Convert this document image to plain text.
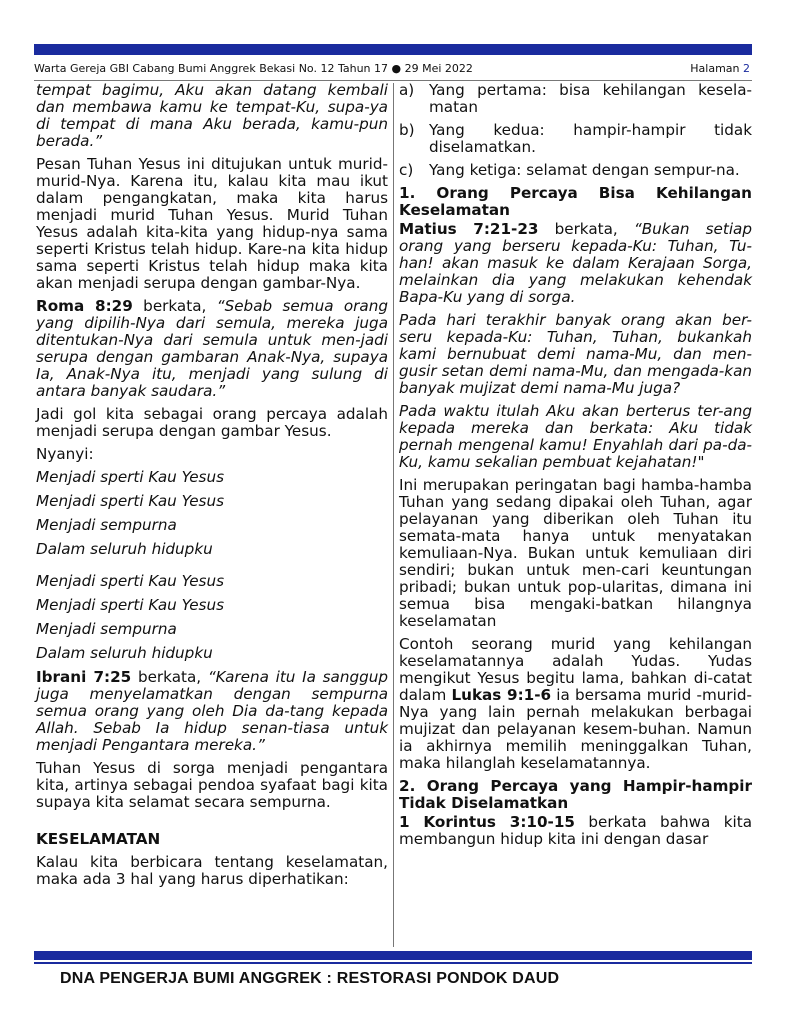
Warta Gereja GBI Cabang Bumi Anggrek Bekasi No. 12 Tahun 17 ● 29 Mei 2022	Halaman 2

tempat bagimu, Aku akan datang kembali dan membawa kamu ke tempat-Ku, supa-ya di tempat di mana Aku berada, kamu-pun berada.”

Pesan Tuhan Yesus ini ditujukan untuk murid-murid-Nya. Karena itu, kalau kita mau ikut dalam pengangkatan, maka kita harus menjadi murid Tuhan Yesus. Murid Tuhan Yesus adalah kita-kita yang hidup-nya sama seperti Kristus telah hidup. Kare-na kita hidup sama seperti Kristus telah hidup maka kita akan menjadi serupa dengan gambar-Nya.

Roma 8:29 berkata, “Sebab semua orang yang dipilih-Nya dari semula, mereka juga ditentukan-Nya dari semula untuk men-jadi serupa dengan gambaran Anak-Nya, supaya Ia, Anak-Nya itu, menjadi yang sulung di antara banyak saudara.”

Jadi gol kita sebagai orang percaya adalah menjadi serupa dengan gambar Yesus.

Nyanyi:

Menjadi sperti Kau Yesus
Menjadi sperti Kau Yesus
Menjadi sempurna
Dalam seluruh hidupku
Menjadi sperti Kau Yesus
Menjadi sperti Kau Yesus
Menjadi sempurna
Dalam seluruh hidupku

Ibrani 7:25 berkata, “Karena itu Ia sanggup juga menyelamatkan dengan sempurna semua orang yang oleh Dia da-tang kepada Allah. Sebab Ia hidup senan-tiasa untuk menjadi Pengantara mereka.”

Tuhan Yesus di sorga menjadi pengantara kita, artinya sebagai pendoa syafaat bagi kita supaya kita selamat secara sempurna.

KESELAMATAN

Kalau kita berbicara tentang keselamatan, maka ada 3 hal yang harus diperhatikan:

a) Yang pertama: bisa kehilangan kesela-matan
b) Yang kedua: hampir-hampir tidak diselamatkan.
c)	Yang ketiga: selamat dengan sempur-na.

1. Orang Percaya Bisa Kehilangan Keselamatan

Matius 7:21-23 berkata, “Bukan setiap orang yang berseru kepada-Ku: Tuhan, Tu-han! akan masuk ke dalam Kerajaan Sorga, melainkan dia yang melakukan kehendak Bapa-Ku yang di sorga.

Pada hari terakhir banyak orang akan ber-seru kepada-Ku: Tuhan, Tuhan, bukankah kami bernubuat demi nama-Mu, dan men-gusir setan demi nama-Mu, dan mengada-kan banyak mujizat demi nama-Mu juga?

Pada waktu itulah Aku akan berterus ter-ang kepada mereka dan berkata: Aku tidak pernah mengenal kamu! Enyahlah dari pa-da-Ku, kamu sekalian pembuat kejahatan!"

Ini merupakan peringatan bagi hamba-hamba Tuhan yang sedang dipakai oleh Tuhan, agar pelayanan yang diberikan oleh Tuhan itu semata-mata hanya untuk menyatakan kemuliaan-Nya. Bukan untuk kemuliaan diri sendiri; bukan untuk men-cari keuntungan pribadi; bukan untuk pop-ularitas, dimana ini semua bisa mengaki-batkan hilangnya keselamatan

Contoh seorang murid yang kehilangan keselamatannya adalah Yudas. Yudas mengikut Yesus begitu lama, bahkan di-catat dalam Lukas 9:1-6 ia bersama murid -murid-Nya yang lain pernah melakukan berbagai mujizat dan pelayanan kesem-buhan. Namun ia akhirnya memilih meninggalkan Tuhan, maka hilanglah keselamatannya.

2. Orang Percaya yang Hampir-hampir Tidak Diselamatkan

1 Korintus 3:10-15 berkata bahwa kita membangun hidup kita ini dengan dasar

DNA PENGERJA BUMI ANGGREK : RESTORASI PONDOK DAUD
